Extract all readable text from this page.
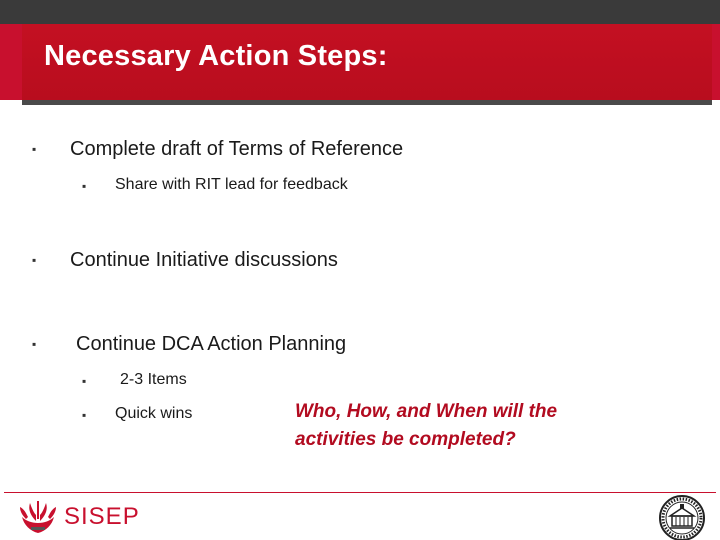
Necessary Action Steps:
▪ Complete draft of Terms of Reference
▪ Share with RIT lead for feedback
▪ Continue Initiative discussions
▪ Continue DCA Action Planning
▪ 2-3 Items
▪ Quick wins	Who, How, and When will the activities be completed?
SISEP
